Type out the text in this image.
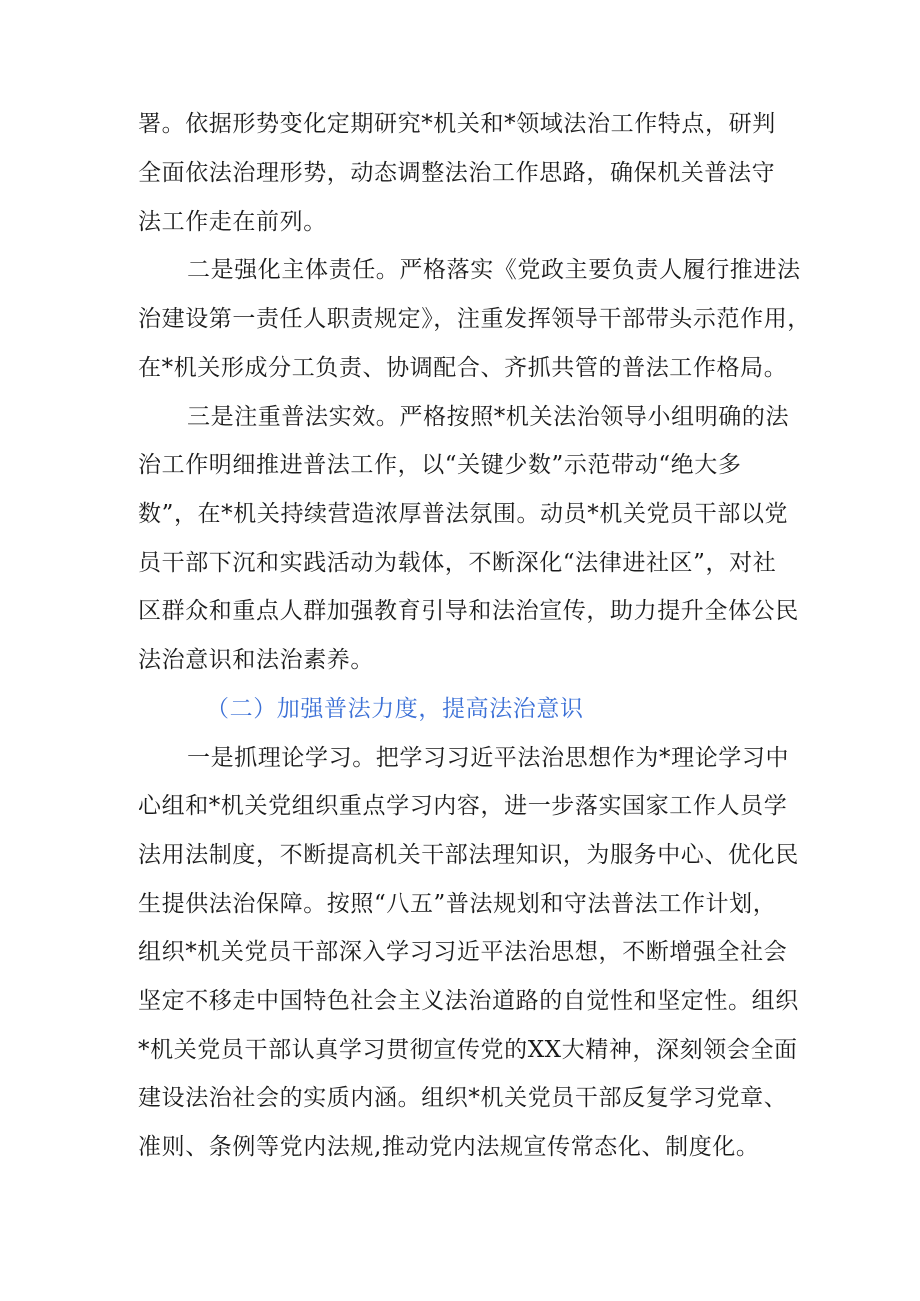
署。依据形势变化定期研究*机关和*领域法治工作特点，研判
全面依法治理形势，动态调整法治工作思路，确保机关普法守
法工作走在前列。
二是强化主体责任。严格落实《党政主要负责人履行推进法
治建设第一责任人职责规定》，注重发挥领导干部带头示范作用，
在*机关形成分工负责、协调配合、齐抓共管的普法工作格局。
三是注重普法实效。严格按照*机关法治领导小组明确的法
治工作明细推进普法工作，以“关键少数”示范带动“绝大多
数”，在*机关持续营造浓厚普法氛围。动员*机关党员干部以党
员干部下沉和实践活动为载体，不断深化“法律进社区”，对社
区群众和重点人群加强教育引导和法治宣传，助力提升全体公民
法治意识和法治素养。
（二）加强普法力度，提高法治意识
一是抓理论学习。把学习习近平法治思想作为*理论学习中
心组和*机关党组织重点学习内容，进一步落实国家工作人员学
法用法制度，不断提高机关干部法理知识，为服务中心、优化民
生提供法治保障。按照“八五”普法规划和守法普法工作计划，
组织*机关党员干部深入学习习近平法治思想，不断增强全社会
坚定不移走中国特色社会主义法治道路的自觉性和坚定性。组织
*机关党员干部认真学习贯彻宣传党的XX大精神，深刻领会全面
建设法治社会的实质内涵。组织*机关党员干部反复学习党章、
准则、条例等党内法规,推动党内法规宣传常态化、制度化。
